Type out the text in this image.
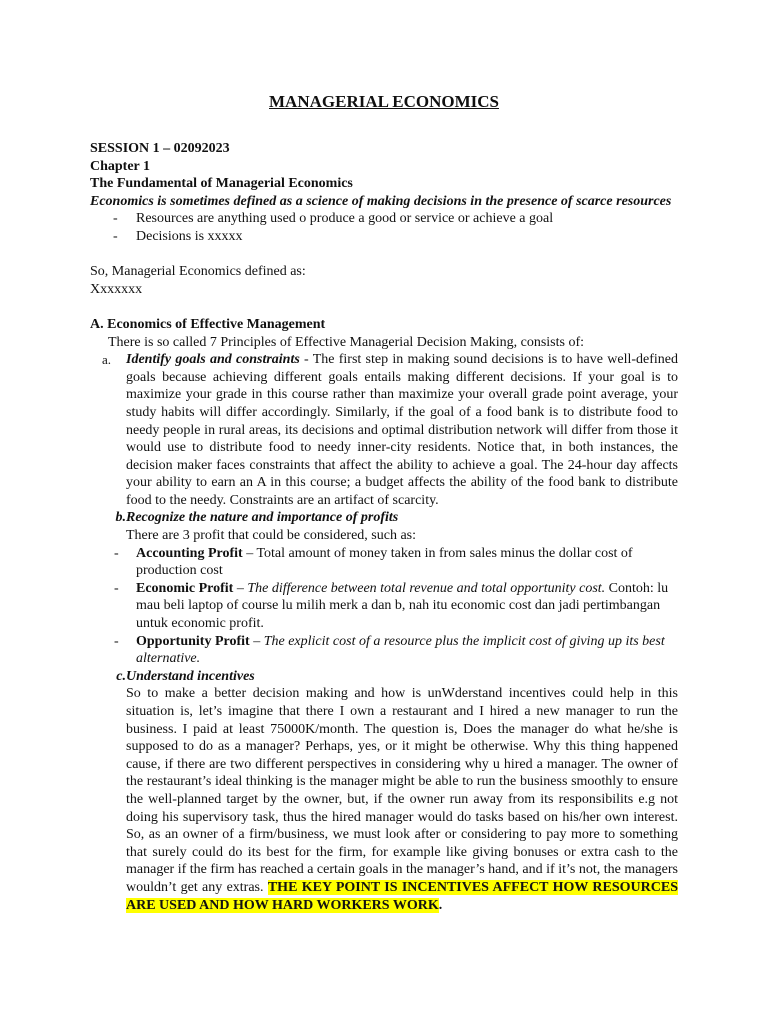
MANAGERIAL ECONOMICS
SESSION 1 – 02092023
Chapter 1
The Fundamental of Managerial Economics
Economics is sometimes defined as a science of making decisions in the presence of scarce resources
-	Resources are anything used o produce a good or service or achieve a goal
-	Decisions is xxxxx
So, Managerial Economics defined as:
Xxxxxxx
A. Economics of Effective Management
There is so called 7 Principles of Effective Managerial Decision Making, consists of:
a.	Identify goals and constraints - The first step in making sound decisions is to have well-defined goals because achieving different goals entails making different decisions. If your goal is to maximize your grade in this course rather than maximize your overall grade point average, your study habits will differ accordingly. Similarly, if the goal of a food bank is to distribute food to needy people in rural areas, its decisions and optimal distribution network will differ from those it would use to distribute food to needy inner-city residents. Notice that, in both instances, the decision maker faces constraints that affect the ability to achieve a goal. The 24-hour day affects your ability to earn an A in this course; a budget affects the ability of the food bank to distribute food to the needy. Constraints are an artifact of scarcity.
b. Recognize the nature and importance of profits
There are 3 profit that could be considered, such as:
-	Accounting Profit – Total amount of money taken in from sales minus the dollar cost of production cost
-	Economic Profit – The difference between total revenue and total opportunity cost. Contoh: lu mau beli laptop of course lu milih merk a dan b, nah itu economic cost dan jadi pertimbangan untuk economic profit.
-	Opportunity Profit – The explicit cost of a resource plus the implicit cost of giving up its best alternative.
c. Understand incentives
So to make a better decision making and how is unWderstand incentives could help in this situation is, let’s imagine that there I own a restaurant and I hired a new manager to run the business. I paid at least 75000K/month. The question is, Does the manager do what he/she is supposed to do as a manager? Perhaps, yes, or it might be otherwise. Why this thing happened cause, if there are two different perspectives in considering why u hired a manager. The owner of the restaurant’s ideal thinking is the manager might be able to run the business smoothly to ensure the well-planned target by the owner, but, if the owner run away from its responsibilits e.g not doing his supervisory task, thus the hired manager would do tasks based on his/her own interest. So, as an owner of a firm/business, we must look after or considering to pay more to something that surely could do its best for the firm, for example like giving bonuses or extra cash to the manager if the firm has reached a certain goals in the manager’s hand, and if it’s not, the managers wouldn’t get any extras. THE KEY POINT IS INCENTIVES AFFECT HOW RESOURCES ARE USED AND HOW HARD WORKERS WORK.
